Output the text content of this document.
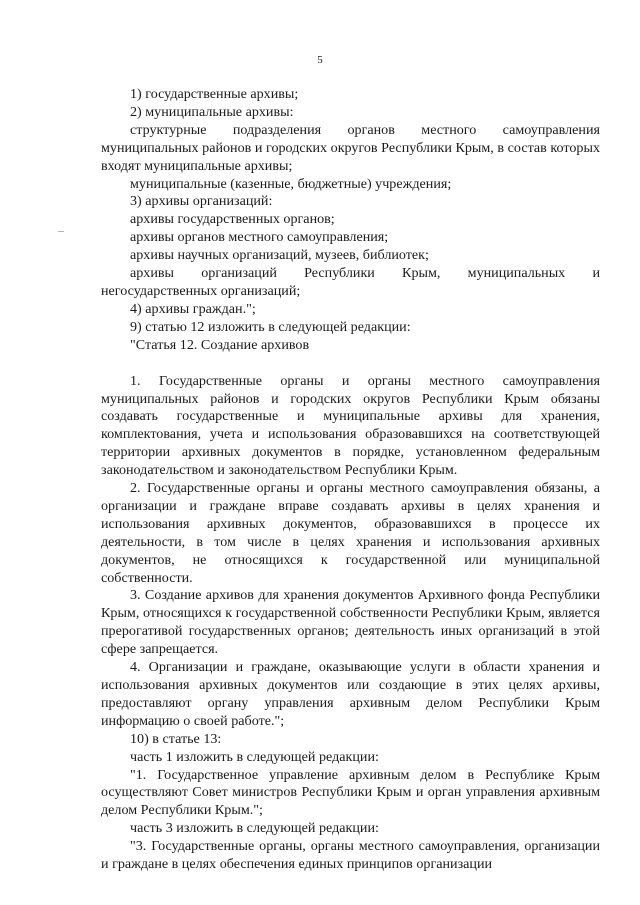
5

1) государственные архивы;

2) муниципальные архивы:

структурные подразделения органов местного самоуправления муниципальных районов и городских округов Республики Крым, в состав которых входят муниципальные архивы;

муниципальные (казенные, бюджетные) учреждения;

3) архивы организаций:

архивы государственных органов;

архивы органов местного самоуправления;

архивы научных организаций, музеев, библиотек;

архивы организаций Республики Крым, муниципальных и негосударственных организаций;

4) архивы граждан.";

9) статью 12 изложить в следующей редакции:

"Статья 12. Создание архивов

1. Государственные органы и органы местного самоуправления муниципальных районов и городских округов Республики Крым обязаны создавать государственные и муниципальные архивы для хранения, комплектования, учета и использования образовавшихся на соответствующей территории архивных документов в порядке, установленном федеральным законодательством и законодательством Республики Крым.

2. Государственные органы и органы местного самоуправления обязаны, а организации и граждане вправе создавать архивы в целях хранения и использования архивных документов, образовавшихся в процессе их деятельности, в том числе в целях хранения и использования архивных документов, не относящихся к государственной или муниципальной собственности.

3. Создание архивов для хранения документов Архивного фонда Республики Крым, относящихся к государственной собственности Республики Крым, является прерогативой государственных органов; деятельность иных организаций в этой сфере запрещается.

4. Организации и граждане, оказывающие услуги в области хранения и использования архивных документов или создающие в этих целях архивы, предоставляют органу управления архивным делом Республики Крым информацию о своей работе.";

10) в статье 13:

часть 1 изложить в следующей редакции:

"1. Государственное управление архивным делом в Республике Крым осуществляют Совет министров Республики Крым и орган управления архивным делом Республики Крым.";

часть 3 изложить в следующей редакции:

"3. Государственные органы, органы местного самоуправления, организации и граждане в целях обеспечения единых принципов организации
